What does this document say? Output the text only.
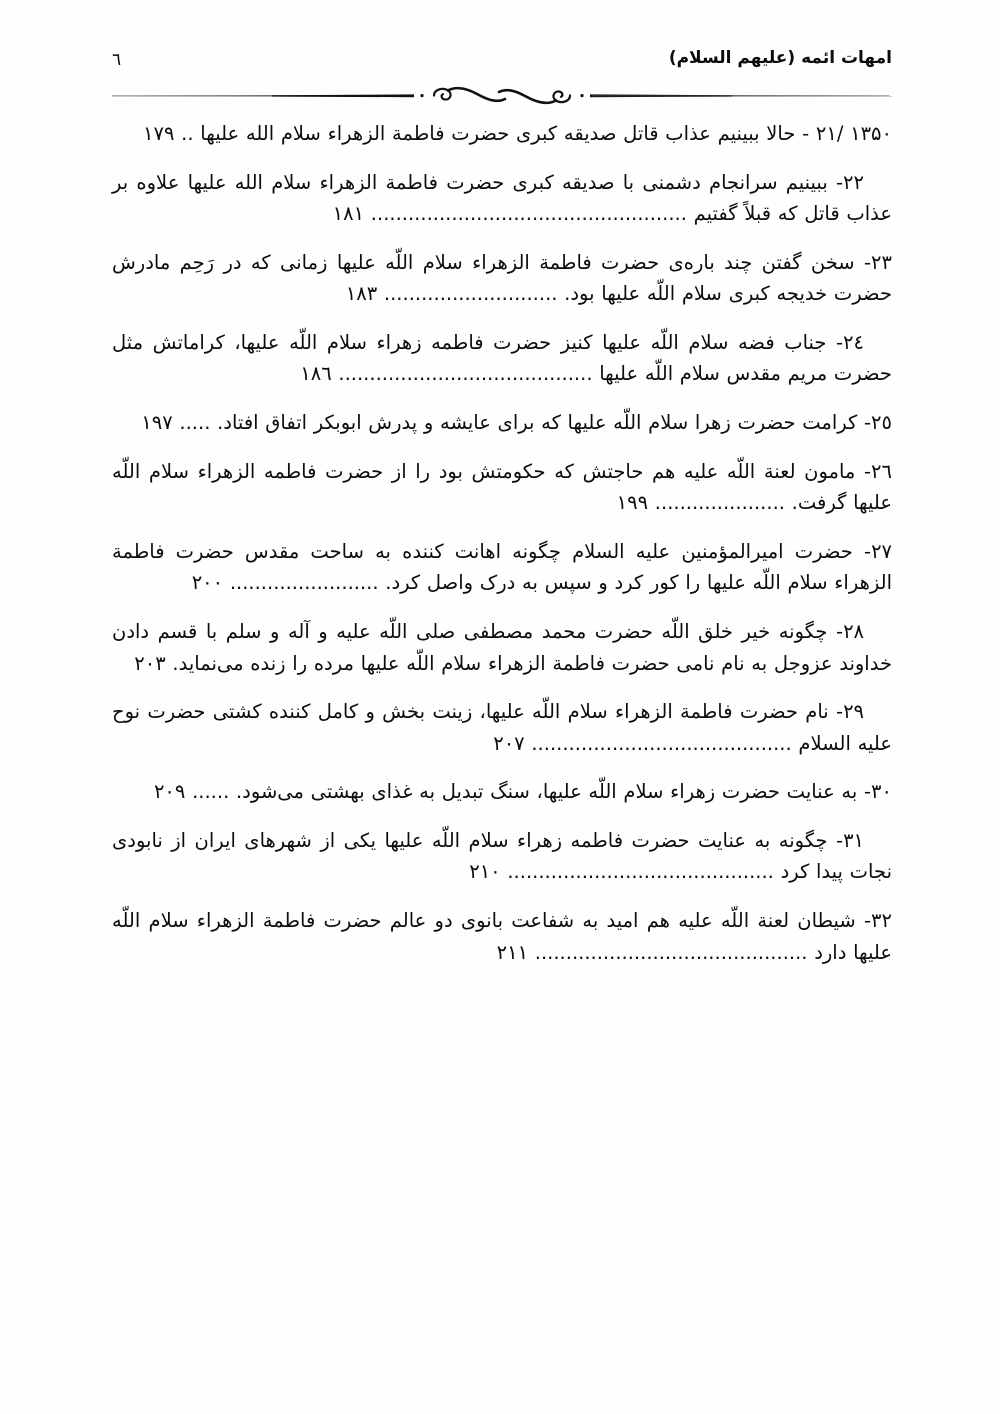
امهات ائمه (علیهم السلام)
٦

۱۳۵۰ /۲۱ - حالا ببینیم عذاب قاتل صدیقه کبری حضرت فاطمة الزهراء سلام الله علیها .. ۱۷۹

۲۲- ببینیم سرانجام دشمنی با صدیقه کبری حضرت فاطمة الزهراء سلام الله علیها علاوه بر عذاب قاتل که قبلاً گفتیم ................................................... ۱۸۱

۲۳- سخن گفتن چند بارەی حضرت فاطمة الزهراء سلام اللّه علیها زمانی که در رَحِم مادرش حضرت خدیجه کبری سلام اللّه علیها بود. ............................ ۱۸۳

۲٤- جناب فضه سلام اللّه علیها کنیز حضرت فاطمه زهراء سلام اللّه علیها، کراماتش مثل حضرت مریم مقدس سلام اللّه علیها ......................................... ۱۸٦

۲٥- کرامت حضرت زهرا سلام اللّه علیها که برای عایشه و پدرش ابوبکر اتفاق افتاد. ..... ۱۹۷

۲٦- مامون لعنة اللّه علیه هم حاجتش که حکومتش بود را از حضرت فاطمه الزهراء سلام اللّه علیها گرفت. ..................... ۱۹۹

۲۷- حضرت امیرالمؤمنین علیه السلام چگونه اهانت کننده به ساحت مقدس حضرت فاطمة الزهراء سلام اللّه علیها را کور کرد و سپس به درک واصل کرد. ........................ ۲۰۰

۲۸- چگونه خیر خلق اللّه حضرت محمد مصطفی صلی اللّه علیه و آله و سلم با قسم دادن خداوند عزوجل به نام نامی حضرت فاطمة الزهراء سلام اللّه علیها مرده را زنده می‌نماید. ۲۰۳

۲۹- نام حضرت فاطمة الزهراء سلام اللّه علیها، زینت بخش و کامل کننده کشتی حضرت نوح علیه السلام .......................................... ۲۰۷

۳۰- به عنایت حضرت زهراء سلام اللّه علیها، سنگ تبدیل به غذای بهشتی می‌شود. ...... ۲۰۹

۳۱- چگونه به عنایت حضرت فاطمه زهراء سلام اللّه علیها یکی از شهرهای ایران از نابودی نجات پیدا کرد ........................................... ۲۱۰

۳۲- شیطان لعنة اللّه علیه هم امید به شفاعت بانوی دو عالم حضرت فاطمة الزهراء سلام اللّه علیها دارد ............................................ ۲۱۱
